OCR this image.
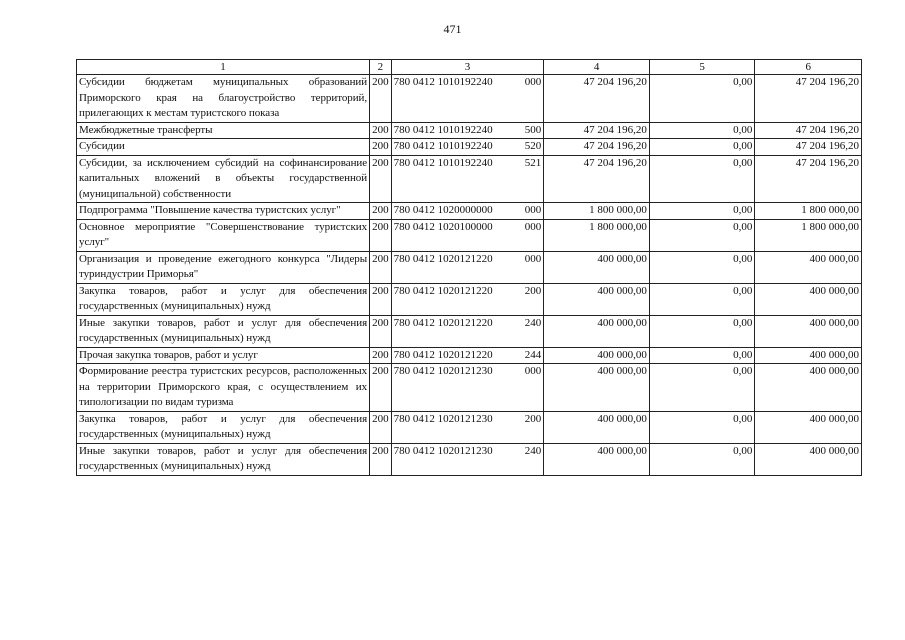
471
1	2	3	4	5	6
Субсидии бюджетам муниципальных образований Приморского края на благоустройство территорий, прилегающих к местам туристского показа	200	780 0412 1010192240 000	47 204 196,20	0,00	47 204 196,20
Межбюджетные трансферты	200	780 0412 1010192240 500	47 204 196,20	0,00	47 204 196,20
Субсидии	200	780 0412 1010192240 520	47 204 196,20	0,00	47 204 196,20
Субсидии, за исключением субсидий на софинансирование капитальных вложений в объекты государственной (муниципальной) собственности	200	780 0412 1010192240 521	47 204 196,20	0,00	47 204 196,20
Подпрограмма "Повышение качества туристских услуг"	200	780 0412 1020000000 000	1 800 000,00	0,00	1 800 000,00
Основное мероприятие "Совершенствование туристских услуг"	200	780 0412 1020100000 000	1 800 000,00	0,00	1 800 000,00
Организация и проведение ежегодного конкурса "Лидеры туриндустрии Приморья"	200	780 0412 1020121220 000	400 000,00	0,00	400 000,00
Закупка товаров, работ и услуг для обеспечения государственных (муниципальных) нужд	200	780 0412 1020121220 200	400 000,00	0,00	400 000,00
Иные закупки товаров, работ и услуг для обеспечения государственных (муниципальных) нужд	200	780 0412 1020121220 240	400 000,00	0,00	400 000,00
Прочая закупка товаров, работ и услуг	200	780 0412 1020121220 244	400 000,00	0,00	400 000,00
Формирование реестра туристских ресурсов, расположенных на территории Приморского края, с осуществлением их типологизации по видам туризма	200	780 0412 1020121230 000	400 000,00	0,00	400 000,00
Закупка товаров, работ и услуг для обеспечения государственных (муниципальных) нужд	200	780 0412 1020121230 200	400 000,00	0,00	400 000,00
Иные закупки товаров, работ и услуг для обеспечения государственных (муниципальных) нужд	200	780 0412 1020121230 240	400 000,00	0,00	400 000,00
